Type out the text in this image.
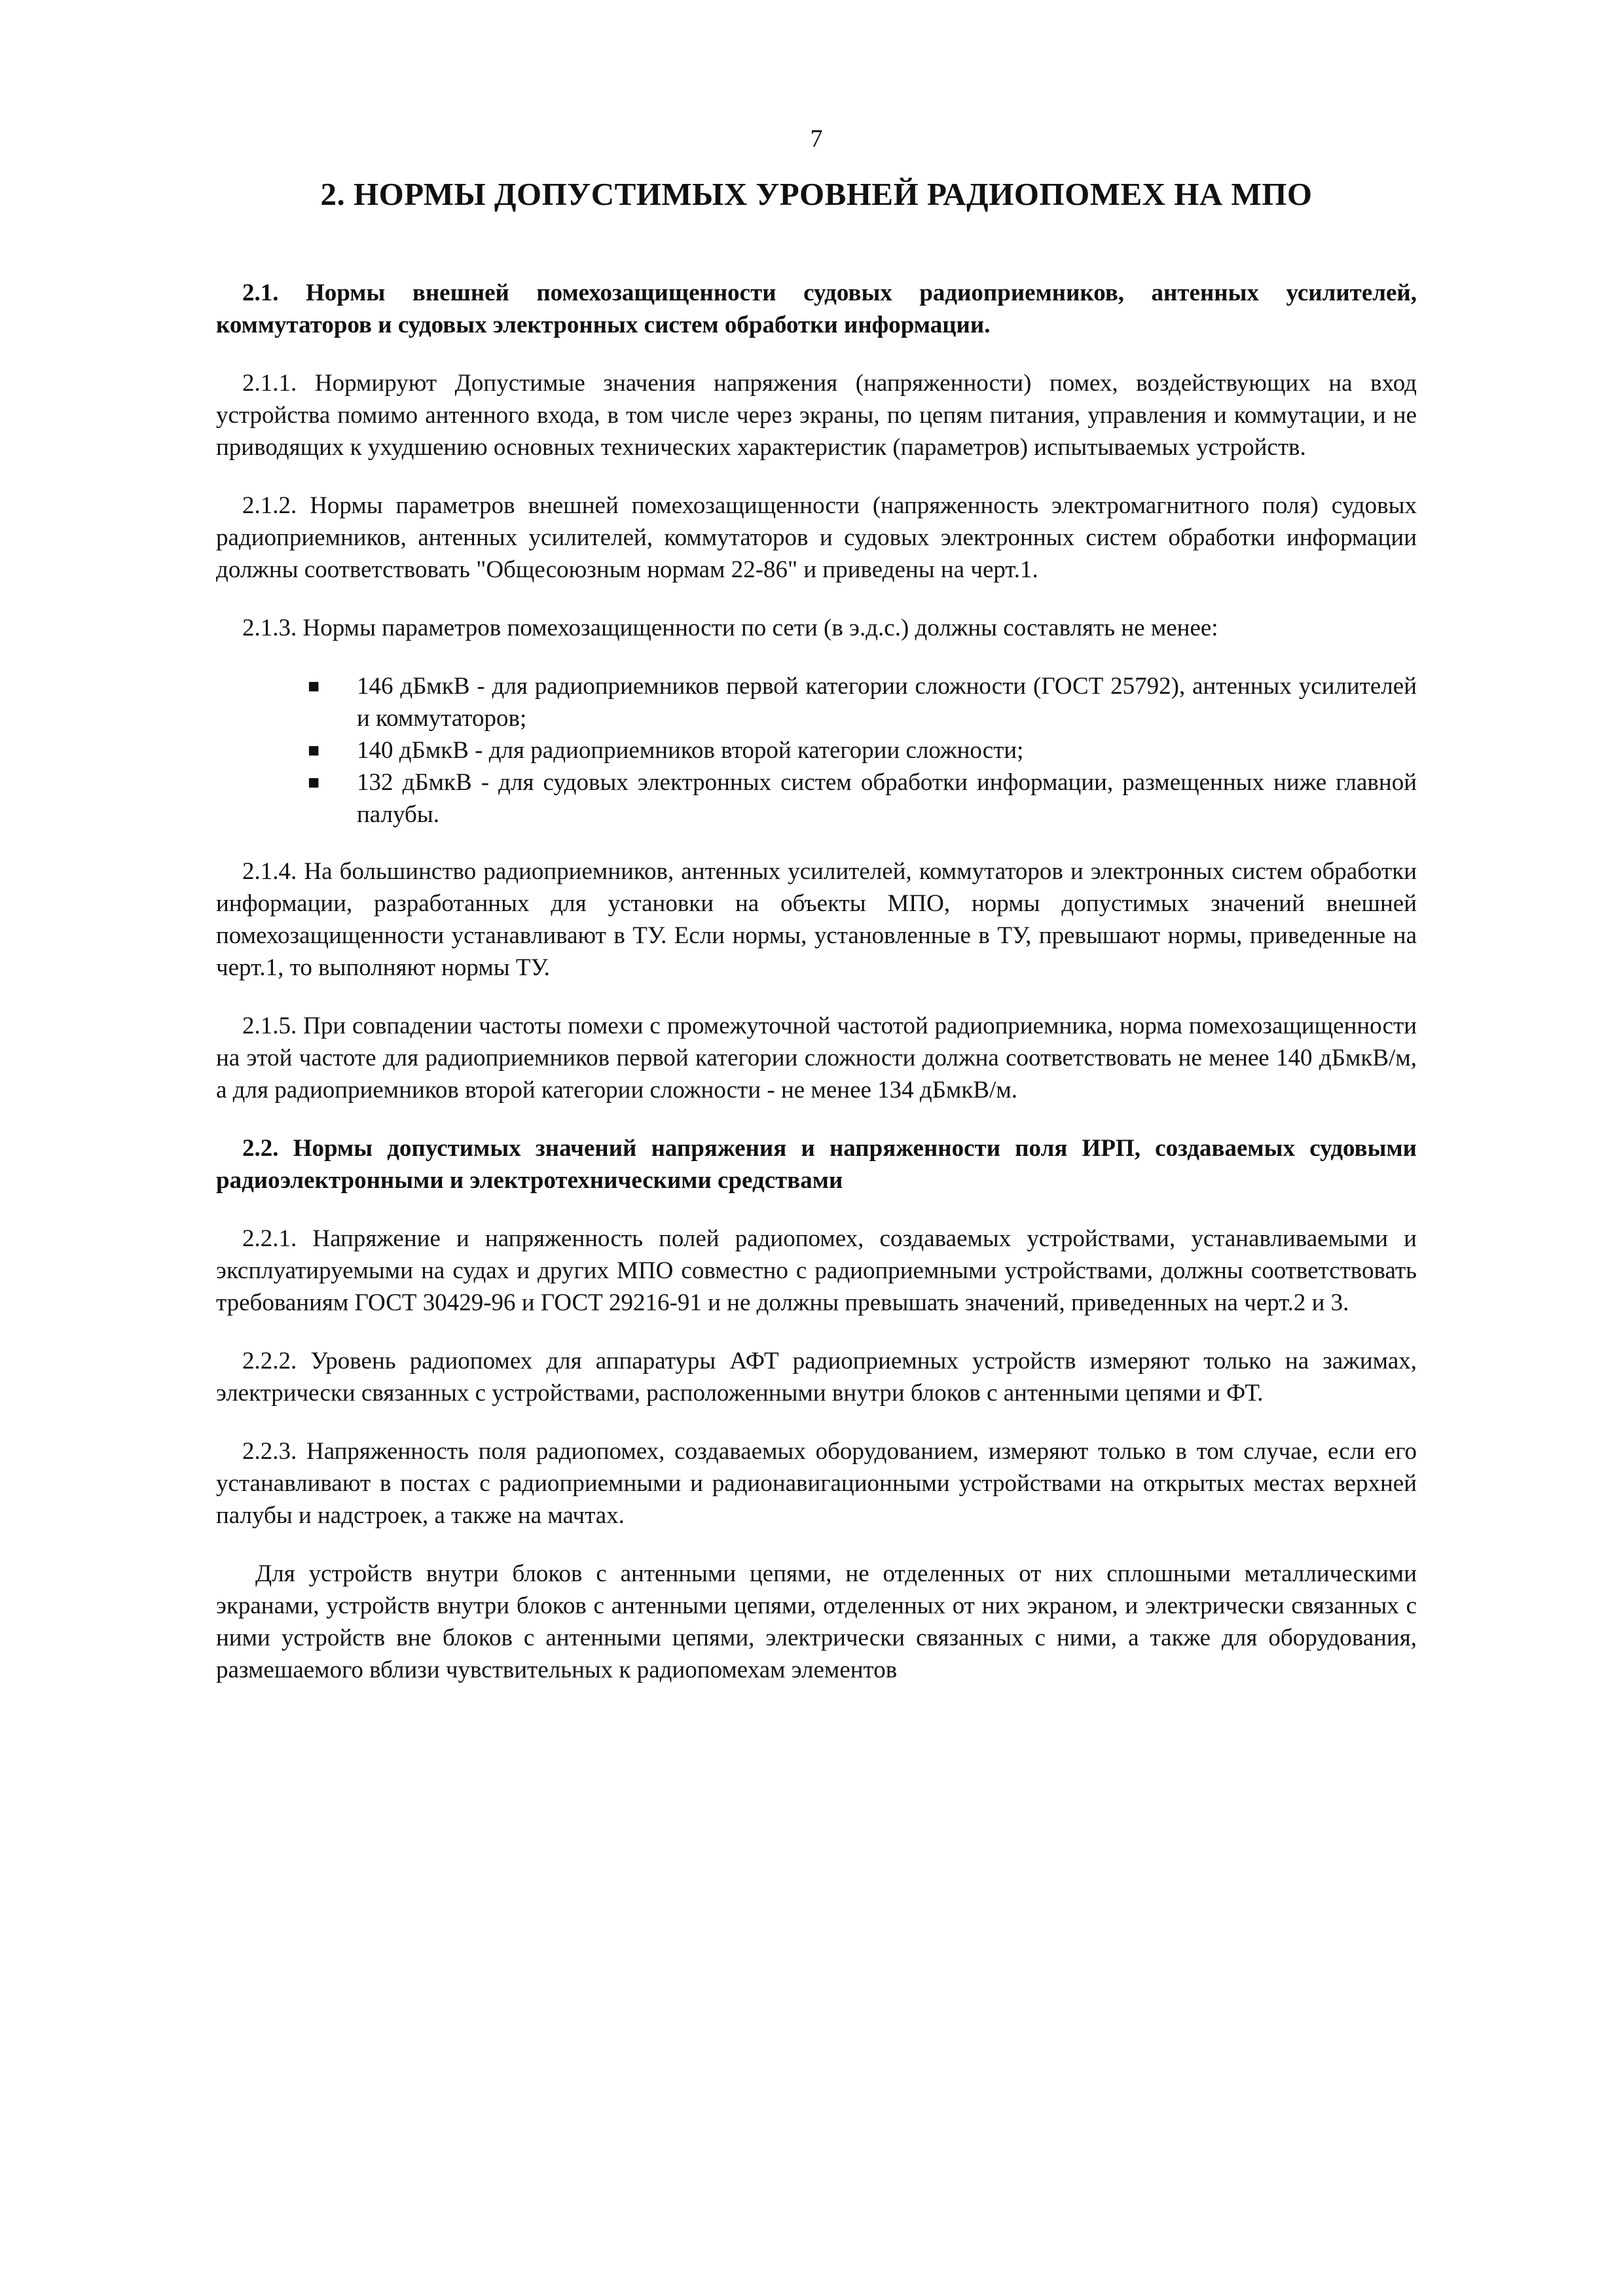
7
2. НОРМЫ ДОПУСТИМЫХ УРОВНЕЙ РАДИОПОМЕХ НА МПО

2.1. Нормы внешней помехозащищенности судовых радиоприемников, антенных усилителей, коммутаторов и судовых электронных систем обработки информации.

2.1.1. Нормируют Допустимые значения напряжения (напряженности) помех, воздействующих на вход устройства помимо антенного входа, в том числе через экраны, по цепям питания, управления и коммутации, и не приводящих к ухудшению основных технических характеристик (параметров) испытываемых устройств.

2.1.2. Нормы параметров внешней помехозащищенности (напряженность электромагнитного поля) судовых радиоприемников, антенных усилителей, коммутаторов и судовых электронных систем обработки информации должны соответствовать "Общесоюзным нормам 22-86" и приведены на черт.1.

2.1.3. Нормы параметров помехозащищенности по сети (в э.д.с.) должны составлять не менее:

■ 146 дБмкВ - для радиоприемников первой категории сложности (ГОСТ 25792), антенных усилителей и коммутаторов;
■ 140 дБмкВ - для радиоприемников второй категории сложности;
■ 132 дБмкВ - для судовых электронных систем обработки информации, размещенных ниже главной палубы.

2.1.4. На большинство радиоприемников, антенных усилителей, коммутаторов и электронных систем обработки информации, разработанных для установки на объекты МПО, нормы допустимых значений внешней помехозащищенности устанавливают в ТУ. Если нормы, установленные в ТУ, превышают нормы, приведенные на черт.1, то выполняют нормы ТУ.

2.1.5. При совпадении частоты помехи с промежуточной частотой радиоприемника, норма помехозащищенности на этой частоте для радиоприемников первой категории сложности должна соответствовать не менее 140 дБмкВ/м, а для радиоприемников второй категории сложности - не менее 134 дБмкВ/м.

2.2. Нормы допустимых значений напряжения и напряженности поля ИРП, создаваемых судовыми радиоэлектронными и электротехническими средствами

2.2.1. Напряжение и напряженность полей радиопомех, создаваемых устройствами, устанавливаемыми и эксплуатируемыми на судах и других МПО совместно с радиоприемными устройствами, должны соответствовать требованиям ГОСТ 30429-96 и ГОСТ 29216-91 и не должны превышать значений, приведенных на черт.2 и 3.

2.2.2. Уровень радиопомех для аппаратуры АФТ радиоприемных устройств измеряют только на зажимах, электрически связанных с устройствами, расположенными внутри блоков с антенными цепями и ФТ.

2.2.3. Напряженность поля радиопомех, создаваемых оборудованием, измеряют только в том случае, если его устанавливают в постах с радиоприемными и радионавигационными устройствами на открытых местах верхней палубы и надстроек, а также на мачтах.

Для устройств внутри блоков с антенными цепями, не отделенных от них сплошными металлическими экранами, устройств внутри блоков с антенными цепями, отделенных от них экраном, и электрически связанных с ними устройств вне блоков с антенными цепями, электрически связанных с ними, а также для оборудования, размешаемого вблизи чувствительных к радиопомехам элементов
